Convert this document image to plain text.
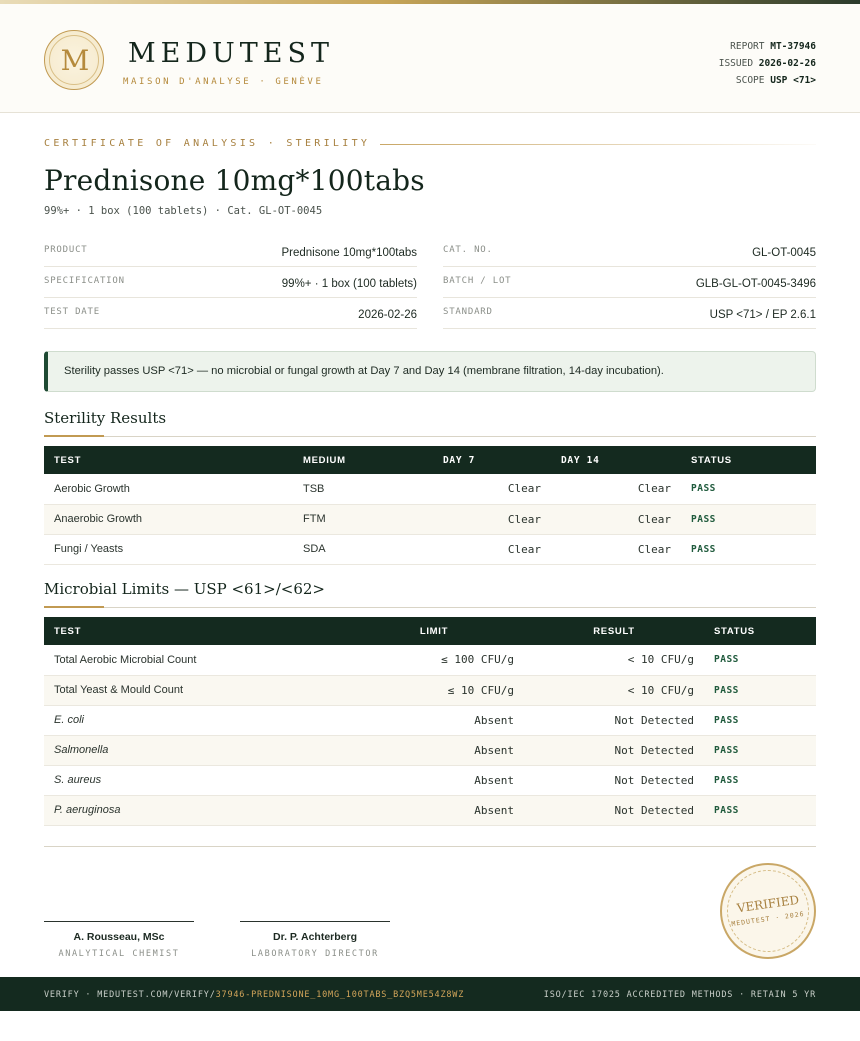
M	MEDUTEST
MAISON D'ANALYSE · GENÈVE
REPORT MT-37946
ISSUED 2026-02-26
SCOPE USP <71>
CERTIFICATE OF ANALYSIS · STERILITY
Prednisone 10mg*100tabs
99%+ · 1 box (100 tablets) · Cat. GL-OT-0045
PRODUCT	Prednisone 10mg*100tabs
SPECIFICATION	99%+ · 1 box (100 tablets)
TEST DATE	2026-02-26
CAT. NO.	GL-OT-0045
BATCH / LOT	GLB-GL-OT-0045-3496
STANDARD	USP <71> / EP 2.6.1
Sterility passes USP <71> — no microbial or fungal growth at Day 7 and Day 14 (membrane filtration, 14-day incubation).
Sterility Results
TEST	MEDIUM	DAY 7	DAY 14	STATUS
Aerobic Growth	TSB	Clear	Clear	PASS
Anaerobic Growth	FTM	Clear	Clear	PASS
Fungi / Yeasts	SDA	Clear	Clear	PASS
Microbial Limits — USP <61>/<62>
TEST	LIMIT	RESULT	STATUS
Total Aerobic Microbial Count	≤ 100 CFU/g	< 10 CFU/g	PASS
Total Yeast & Mould Count	≤ 10 CFU/g	< 10 CFU/g	PASS
E. coli	Absent	Not Detected	PASS
Salmonella	Absent	Not Detected	PASS
S. aureus	Absent	Not Detected	PASS
P. aeruginosa	Absent	Not Detected	PASS
A. Rousseau, MSc
ANALYTICAL CHEMIST
Dr. P. Achterberg
LABORATORY DIRECTOR
VERIFIED
MEDUTEST · 2026
VERIFY · MEDUTEST.COM/VERIFY/37946-PREDNISONE_10MG_100TABS_BZQ5ME54Z8WZ	ISO/IEC 17025 ACCREDITED METHODS · RETAIN 5 YR
